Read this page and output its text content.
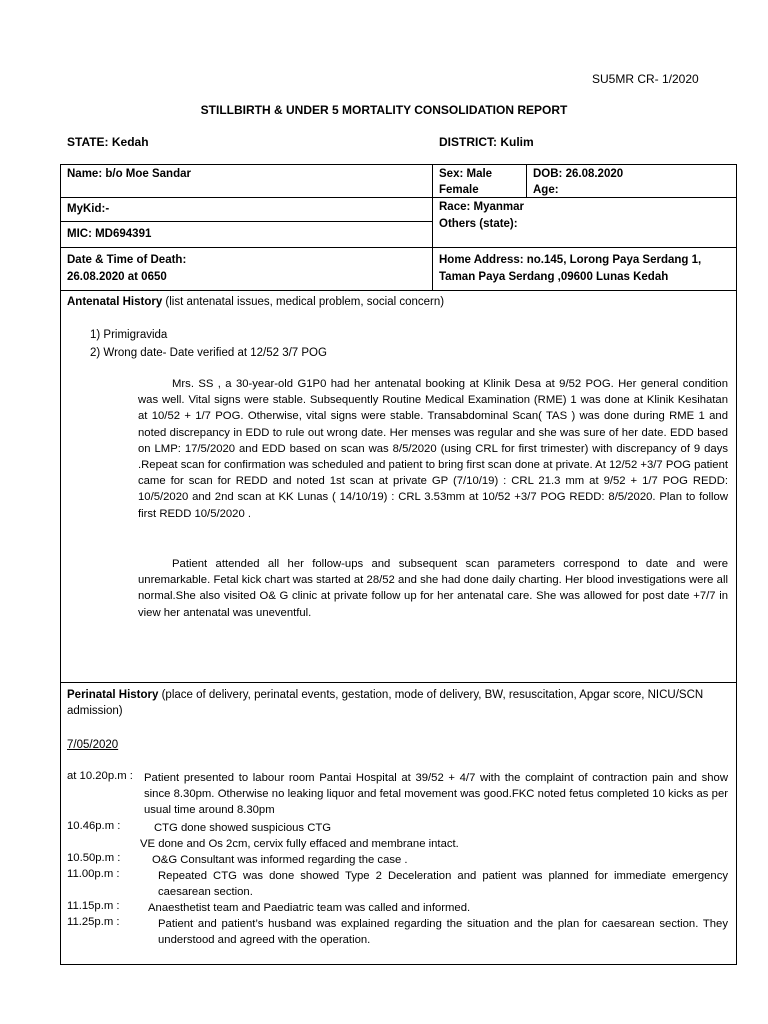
SU5MR CR- 1/2020
STILLBIRTH & UNDER 5 MORTALITY CONSOLIDATION REPORT
STATE: Kedah	DISTRICT: Kulim
Name: b/o Moe Sandar	Sex: Male
Female
DOB: 26.08.2020
Age:
MyKid:-
MIC: MD694391
Race: Myanmar
Others (state):
Date & Time of Death:
26.08.2020 at 0650
Home Address: no.145, Lorong Paya Serdang 1,
Taman Paya Serdang ,09600 Lunas Kedah
Antenatal History (list antenatal issues, medical problem, social concern)
1) Primigravida
2) Wrong date- Date verified at 12/52 3/7 POG
Mrs. SS , a 30-year-old G1P0 had her antenatal booking at Klinik Desa at 9/52 POG. Her general condition was well. Vital signs were stable. Subsequently Routine Medical Examination (RME) 1 was done at Klinik Kesihatan at 10/52 + 1/7 POG. Otherwise, vital signs were stable. Transabdominal Scan( TAS ) was done during RME 1 and noted discrepancy in EDD to rule out wrong date. Her menses was regular and she was sure of her date. EDD based on LMP: 17/5/2020 and EDD based on scan was 8/5/2020 (using CRL for first trimester) with discrepancy of 9 days .Repeat scan for confirmation was scheduled and patient to bring first scan done at private. At 12/52 +3/7 POG patient came for scan for REDD and noted 1st scan at private GP (7/10/19) : CRL 21.3 mm at 9/52 + 1/7 POG REDD: 10/5/2020 and 2nd scan at KK Lunas ( 14/10/19) : CRL 3.53mm at 10/52 +3/7 POG REDD: 8/5/2020. Plan to follow first REDD 10/5/2020 .
Patient attended all her follow-ups and subsequent scan parameters correspond to date and were unremarkable. Fetal kick chart was started at 28/52 and she had done daily charting. Her blood investigations were all normal.She also visited O& G clinic at private follow up for her antenatal care. She was allowed for post date +7/7 in view her antenatal was uneventful.
Perinatal History (place of delivery, perinatal events, gestation, mode of delivery, BW, resuscitation, Apgar score, NICU/SCN admission)
7/05/2020
at 10.20p.m : Patient presented to labour room Pantai Hospital at 39/52 + 4/7 with the complaint of contraction pain and show since 8.30pm. Otherwise no leaking liquor and fetal movement was good.FKC noted fetus completed 10 kicks as per usual time around 8.30pm
10.46p.m :	CTG done showed suspicious CTG
VE done and Os 2cm, cervix fully effaced and membrane intact.
10.50p.m :	O&G Consultant was informed regarding the case .
11.00p.m :	Repeated CTG was done showed Type 2 Deceleration and patient was planned for immediate emergency caesarean section.
11.15p.m :	Anaesthetist team and Paediatric team was called and informed.
11.25p.m :	Patient and patient’s husband was explained regarding the situation and the plan for caesarean section. They understood and agreed with the operation.
